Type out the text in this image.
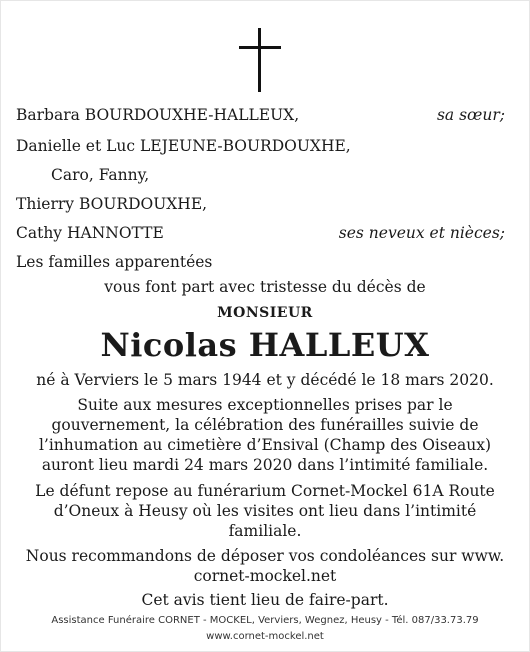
Barbara BOURDOUXHE-HALLEUX,	sa sœur;
Danielle et Luc LEJEUNE-BOURDOUXHE,
Caro, Fanny,
Thierry BOURDOUXHE,
Cathy HANNOTTE	ses neveux et nièces;
Les familles apparentées
vous font part avec tristesse du décès de
MONSIEUR
Nicolas HALLEUX
né à Verviers le 5 mars 1944 et y décédé le 18 mars 2020.
Suite aux mesures exceptionnelles prises par le
gouvernement, la célébration des funérailles suivie de
l’inhumation au cimetière d’Ensival (Champ des Oiseaux)
auront lieu mardi 24 mars 2020 dans l’intimité familiale.
Le défunt repose au funérarium Cornet-Mockel 61A Route
d’Oneux à Heusy où les visites ont lieu dans l’intimité
familiale.
Nous recommandons de déposer vos condoléances sur www.
cornet-mockel.net
Cet avis tient lieu de faire-part.
Assistance Funéraire CORNET - MOCKEL, Verviers, Wegnez, Heusy - Tél. 087/33.73.79
www.cornet-mockel.net
